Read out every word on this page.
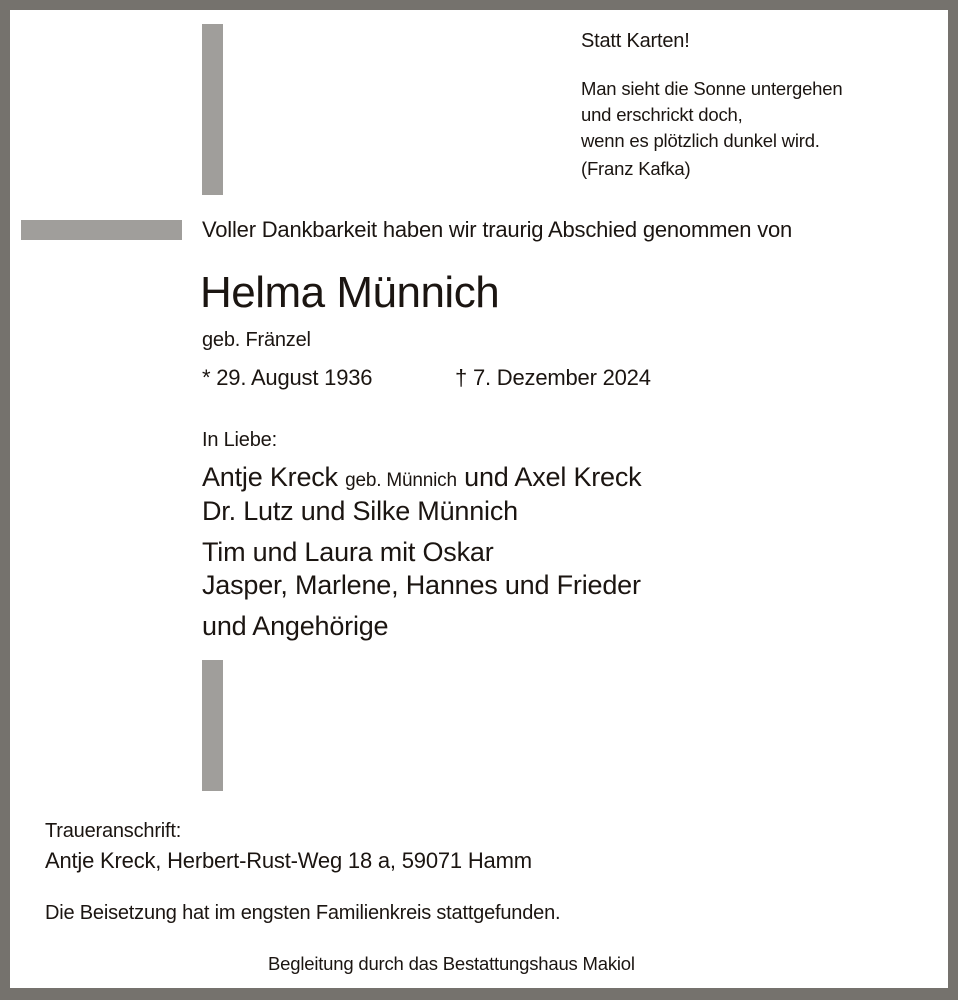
Statt Karten!
Man sieht die Sonne untergehen
und erschrickt doch,
wenn es plötzlich dunkel wird.
(Franz Kafka)
Voller Dankbarkeit haben wir traurig Abschied genommen von
Helma Münnich
geb. Fränzel
* 29. August 1936	† 7. Dezember 2024
In Liebe:
Antje Kreck geb. Münnich und Axel Kreck
Dr. Lutz und Silke Münnich
Tim und Laura mit Oskar
Jasper, Marlene, Hannes und Frieder
und Angehörige
Traueranschrift:
Antje Kreck, Herbert-Rust-Weg 18 a, 59071 Hamm
Die Beisetzung hat im engsten Familienkreis stattgefunden.
Begleitung durch das Bestattungshaus Makiol
